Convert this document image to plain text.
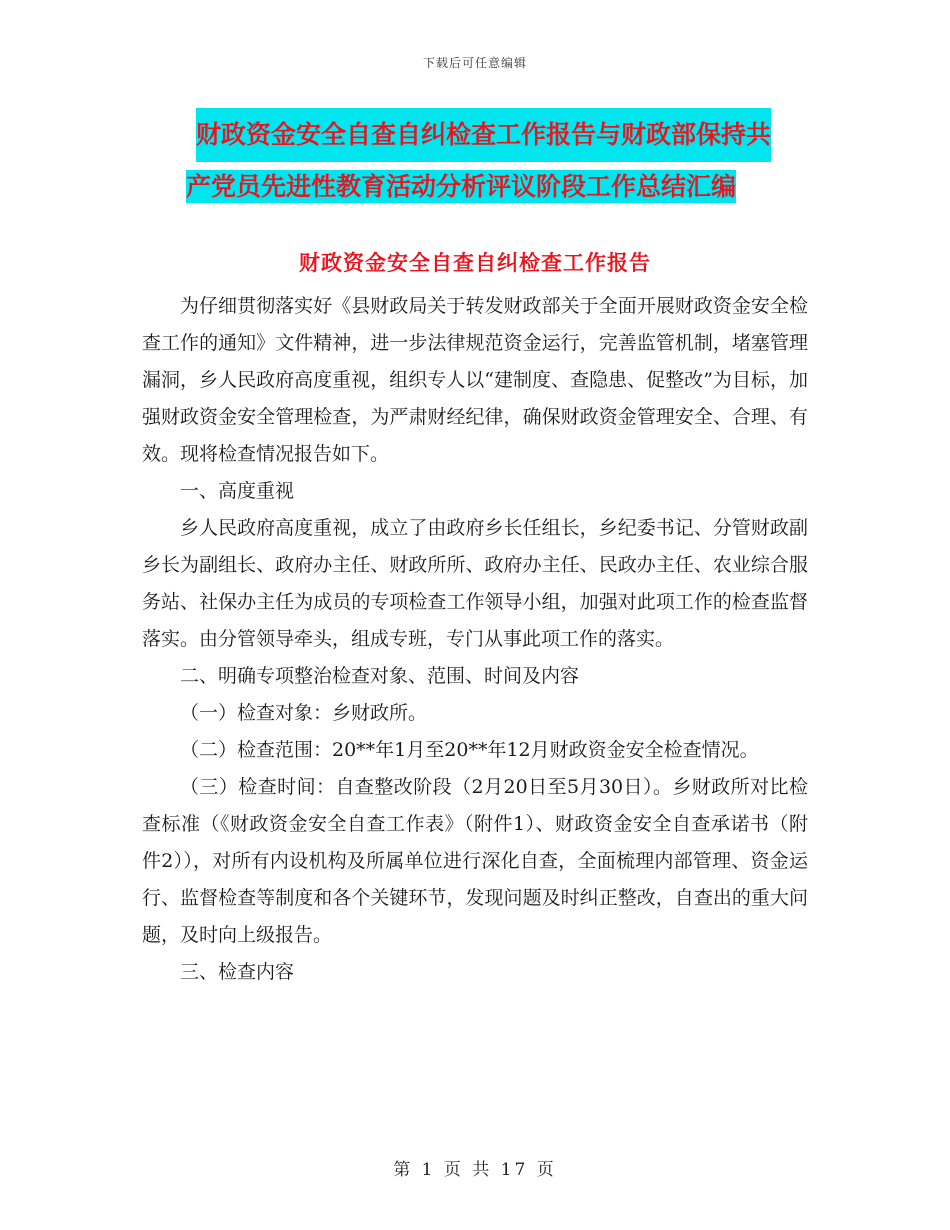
下载后可任意编辑
财政资金安全自查自纠检查工作报告与财政部保持共
产党员先进性教育活动分析评议阶段工作总结汇编
财政资金安全自查自纠检查工作报告

为仔细贯彻落实好《县财政局关于转发财政部关于全面开展财政资金安全检查工作的通知》文件精神，进一步法律规范资金运行，完善监管机制，堵塞管理漏洞，乡人民政府高度重视，组织专人以“建制度、查隐患、促整改”为目标，加强财政资金安全管理检查，为严肃财经纪律，确保财政资金管理安全、合理、有效。现将检查情况报告如下。

一、高度重视

乡人民政府高度重视，成立了由政府乡长任组长，乡纪委书记、分管财政副乡长为副组长、政府办主任、财政所所、政府办主任、民政办主任、农业综合服务站、社保办主任为成员的专项检查工作领导小组，加强对此项工作的检查监督落实。由分管领导牵头，组成专班，专门从事此项工作的落实。

二、明确专项整治检查对象、范围、时间及内容

（一）检查对象：乡财政所。

（二）检查范围：20**年1月至20**年12月财政资金安全检查情况。

（三）检查时间：自查整改阶段（2月20日至5月30日）。乡财政所对比检查标准（《财政资金安全自查工作表》（附件1）、财政资金安全自查承诺书（附件2）），对所有内设机构及所属单位进行深化自查，全面梳理内部管理、资金运行、监督检查等制度和各个关键环节，发现问题及时纠正整改，自查出的重大问题，及时向上级报告。

三、检查内容

第 1 页 共 17 页
